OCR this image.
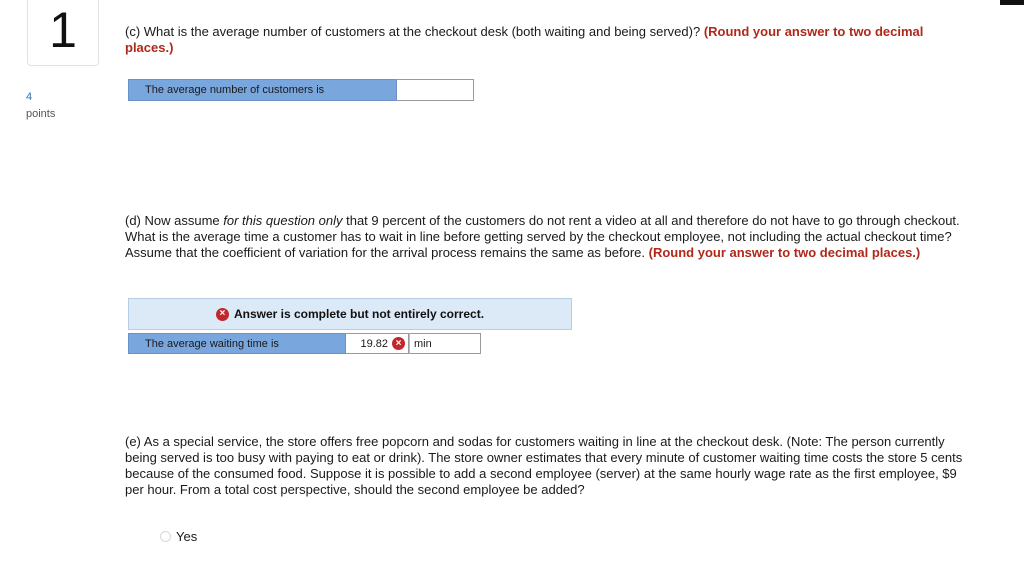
1
4
points
(c) What is the average number of customers at the checkout desk (both waiting and being served)? (Round your answer to two decimal places.)
The average number of customers is
(d) Now assume for this question only that 9 percent of the customers do not rent a video at all and therefore do not have to go through checkout. What is the average time a customer has to wait in line before getting served by the checkout employee, not including the actual checkout time? Assume that the coefficient of variation for the arrival process remains the same as before. (Round your answer to two decimal places.)
× Answer is complete but not entirely correct.
The average waiting time is	19.82 ×	min
(e) As a special service, the store offers free popcorn and sodas for customers waiting in line at the checkout desk. (Note: The person currently being served is too busy with paying to eat or drink). The store owner estimates that every minute of customer waiting time costs the store 5 cents because of the consumed food. Suppose it is possible to add a second employee (server) at the same hourly wage rate as the first employee, $9 per hour. From a total cost perspective, should the second employee be added?
Yes
